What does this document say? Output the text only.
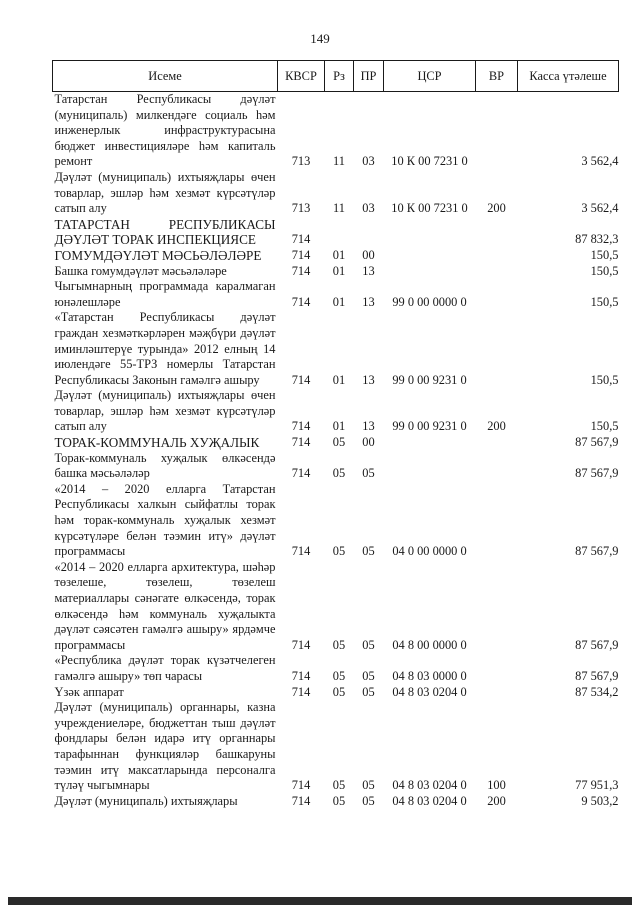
149
Исеме	КВСР	Рз	ПР	ЦСР	ВР	Касса үтәлеше
Татарстан Республикасы дәүләт (муниципаль) милкендәге социаль һәм инженерлык инфраструктурасына бюджет инвестицияләре һәм капиталь ремонт	713	11	03	10 К 00 7231 0		3 562,4
Дәүләт (муниципаль) ихтыяҗлары өчен товарлар, эшләр һәм хезмәт күрсәтүләр сатып алу	713	11	03	10 К 00 7231 0	200	3 562,4
ТАТАРСТАН РЕСПУБЛИКАСЫ ДӘҮЛӘТ ТОРАК ИНСПЕКЦИЯСЕ	714					87 832,3
ГОМУМДӘҮЛӘТ МӘСЬӘЛӘЛӘРЕ	714	01	00			150,5
Башка гомумдәүләт мәсьәләләре	714	01	13			150,5
Чыгымнарның программада каралмаган юнәлешләре	714	01	13	99 0 00 0000 0		150,5
«Татарстан Республикасы дәүләт граждан хезмәткәрләрен мәҗбүри дәүләт иминләштерүе турында» 2012 елның 14 июлендәге 55-ТРЗ номерлы Татарстан Республикасы Законын гамәлгә ашыру	714	01	13	99 0 00 9231 0		150,5
Дәүләт (муниципаль) ихтыяҗлары өчен товарлар, эшләр һәм хезмәт күрсәтүләр сатып алу	714	01	13	99 0 00 9231 0	200	150,5
ТОРАК-КОММУНАЛЬ ХУҖАЛЫК	714	05	00			87 567,9
Торак-коммуналь хуҗалык өлкәсендә башка мәсьәләләр	714	05	05			87 567,9
«2014 – 2020 елларга Татарстан Республикасы халкын сыйфатлы торак һәм торак-коммуналь хуҗалык хезмәт күрсәтүләре белән тәэмин итү» дәүләт программасы	714	05	05	04 0 00 0000 0		87 567,9
«2014 – 2020 елларга архитектура, шәһәр төзелеше, төзелеш, төзелеш материаллары сәнәгате өлкәсендә, торак өлкәсендә һәм коммуналь хуҗалыкта дәүләт сәясәтен гамәлгә ашыру» ярдәмче программасы	714	05	05	04 8 00 0000 0		87 567,9
«Республика дәүләт торак күзәтчелеген гамәлгә ашыру» төп чарасы	714	05	05	04 8 03 0000 0		87 567,9
Үзәк аппарат	714	05	05	04 8 03 0204 0		87 534,2
Дәүләт (муниципаль) органнары, казна учреждениеләре, бюджеттан тыш дәүләт фондлары белән идарә итү органнары тарафыннан функцияләр башкаруны тәэмин итү максатларында персоналга түләү чыгымнары	714	05	05	04 8 03 0204 0	100	77 951,3
Дәүләт (муниципаль) ихтыяҗлары	714	05	05	04 8 03 0204 0	200	9 503,2
